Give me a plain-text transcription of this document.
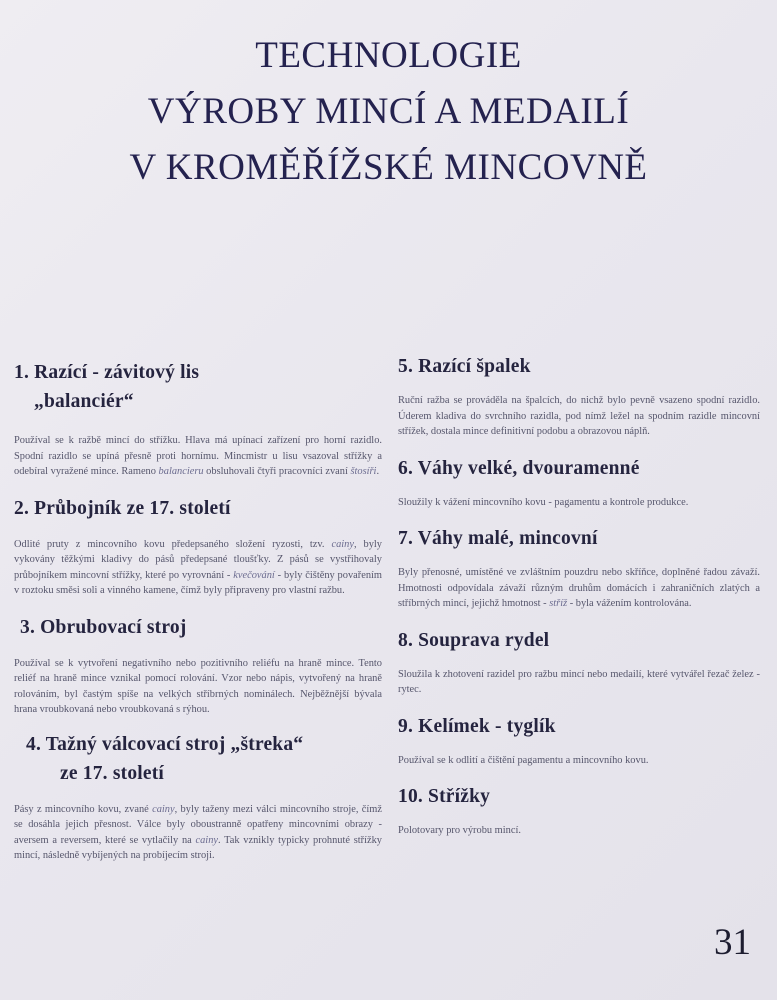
TECHNOLOGIE
VÝROBY MINCÍ A MEDAILÍ
V KROMĚŘÍŽSKÉ MINCOVNĚ
1. Razící - závitový lis
„balanciér“

Používal se k ražbě mincí do střížku. Hlava má upínací zařízení pro horní razidlo. Spodní razidlo se upíná přesně proti hornímu. Mincmistr u lisu vsazoval střížky a odebíral vyražené mince. Rameno balancieru obsluhovali čtyři pracovníci zvaní štosíři.

2. Průbojník ze 17. století

Odlité pruty z mincovního kovu předepsaného složení ryzosti, tzv. cainy, byly vykovány těžkými kladivy do pásů předepsané tloušťky. Z pásů se vystřihovaly průbojníkem mincovní střížky, které po vyrovnání - kvečování - byly čištěny povařením v roztoku směsi soli a vinného kamene, čímž byly připraveny pro vlastní ražbu.

3. Obrubovací stroj

Používal se k vytvoření negativního nebo pozitivního reliéfu na hraně mince. Tento reliéf na hraně mince vznikal pomocí rolování. Vzor nebo nápis, vytvořený na hraně rolováním, byl častým spíše na velkých stříbrných nominálech. Nejběžnější bývala hrana vroubkovaná nebo vroubkovaná s rýhou.

4. Tažný válcovací stroj „štreka“
ze 17. století

Pásy z mincovního kovu, zvané cainy, byly taženy mezi válci mincovního stroje, čímž se dosáhla jejich přesnost. Válce byly oboustranně opatřeny mincovními obrazy - aversem a reversem, které se vytlačily na cainy. Tak vznikly typicky prohnuté střížky mincí, následně vybíjených na probíjecím stroji.

5. Razící špalek

Ruční ražba se prováděla na špalcích, do nichž bylo pevně vsazeno spodní razidlo. Úderem kladiva do svrchního razidla, pod nímž ležel na spodním razidle mincovní střížek, dostala mince definitivní podobu a obrazovou náplň.

6. Váhy velké, dvouramenné

Sloužily k vážení mincovního kovu - pagamentu a kontrole produkce.

7. Váhy malé, mincovní

Byly přenosné, umístěné ve zvláštním pouzdru nebo skříňce, doplněné řadou závaží. Hmotnosti odpovídala závaží různým druhům domácích i zahraničních zlatých a stříbrných mincí, jejichž hmotnost - stříž - byla vážením kontrolována.

8. Souprava rydel

Sloužila k zhotovení razidel pro ražbu mincí nebo medailí, které vytvářel řezač želez - rytec.

9. Kelímek - tyglík

Používal se k odlití a čištění pagamentu a mincovního kovu.

10. Střížky

Polotovary pro výrobu mincí.

31
